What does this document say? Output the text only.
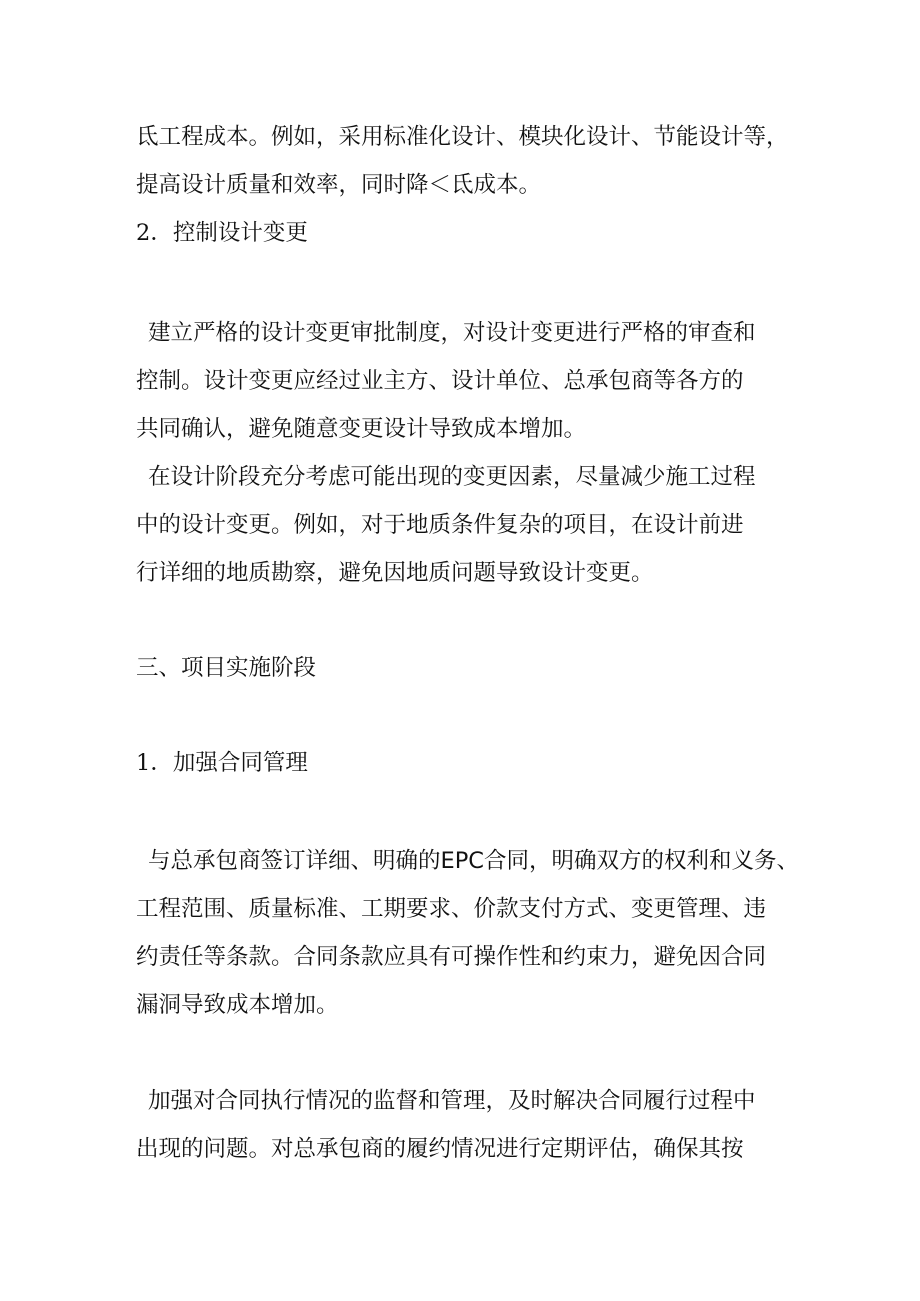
氐工程成本。例如，采用标准化设计、模块化设计、节能设计等，
提高设计质量和效率，同时降＜氐成本。
2．控制设计变更
建立严格的设计变更审批制度，对设计变更进行严格的审查和
控制。设计变更应经过业主方、设计单位、总承包商等各方的
共同确认，避免随意变更设计导致成本增加。
在设计阶段充分考虑可能出现的变更因素，尽量减少施工过程
中的设计变更。例如，对于地质条件复杂的项目，在设计前进
行详细的地质勘察，避免因地质问题导致设计变更。
三、项目实施阶段
1．加强合同管理
与总承包商签订详细、明确的EPC合同，明确双方的权利和义务、
工程范围、质量标准、工期要求、价款支付方式、变更管理、违
约责任等条款。合同条款应具有可操作性和约束力，避免因合同
漏洞导致成本增加。
加强对合同执行情况的监督和管理，及时解决合同履行过程中
出现的问题。对总承包商的履约情况进行定期评估，确保其按
